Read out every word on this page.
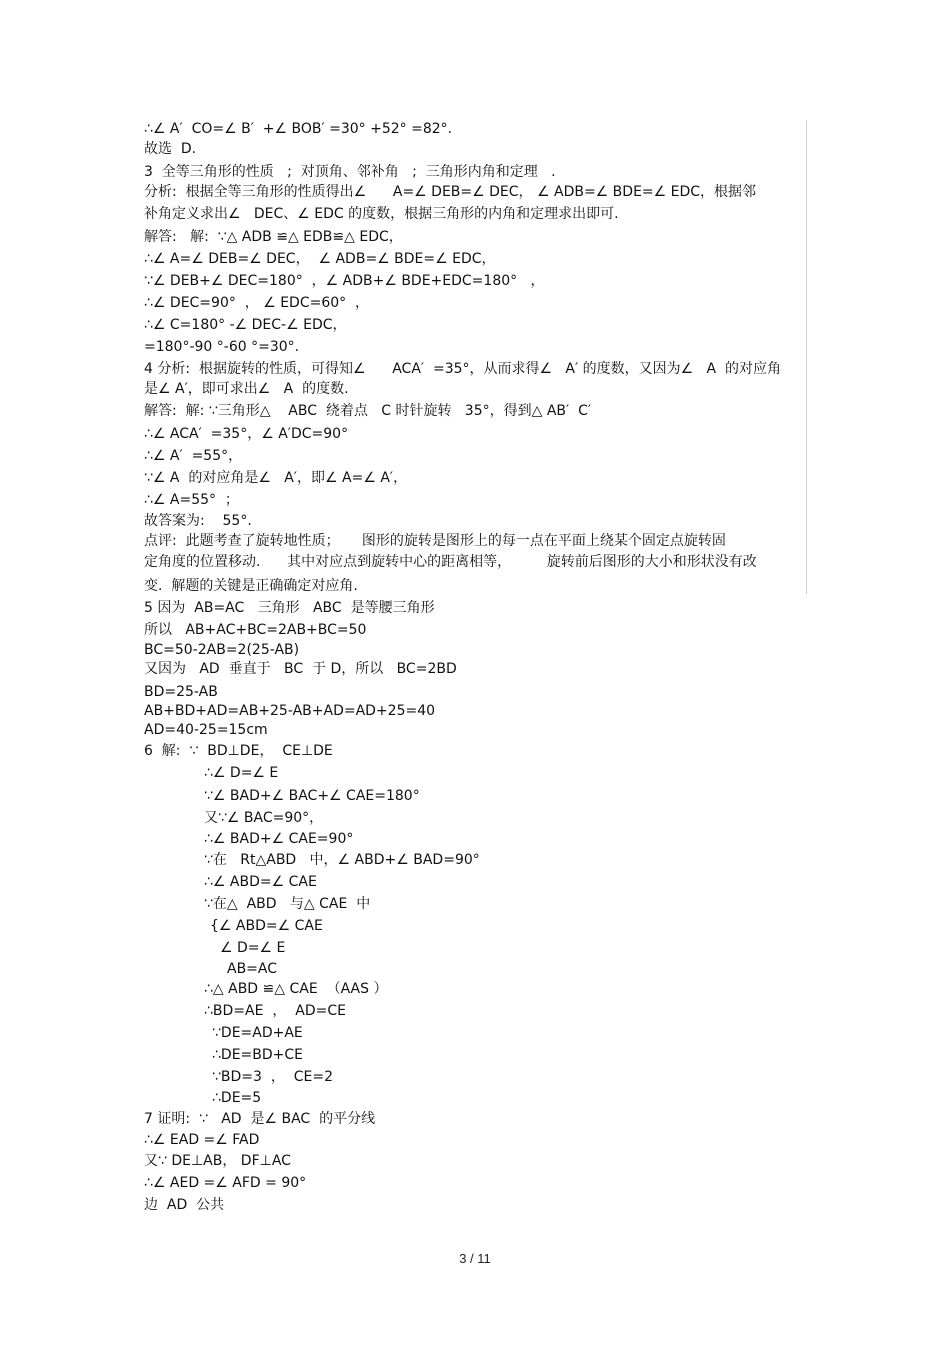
∴∠ A′  CO=∠ B′  +∠ BOB′ =30° +52° =82°.
故选  D.
3  全等三角形的性质   ;  对顶角、邻补角   ;  三角形内角和定理   .
分析:  根据全等三角形的性质得出∠      A=∠ DEB=∠ DEC， ∠ ADB=∠ BDE=∠ EDC，根据邻
补角定义求出∠   DEC、∠ EDC 的度数，根据三角形的内角和定理求出即可.
解答:   解:  ∵△ ADB ≌△ EDB≌△ EDC，
∴∠ A=∠ DEB=∠ DEC，  ∠ ADB=∠ BDE=∠ EDC，
∵∠ DEB+∠ DEC=180°  ，∠ ADB+∠ BDE+EDC=180°   ，
∴∠ DEC=90°  ， ∠ EDC=60°  ，
∴∠ C=180° -∠ DEC-∠ EDC，
=180°-90 °-60 °=30°.
4 分析:  根据旋转的性质，可得知∠      ACA′  =35°，从而求得∠   A′ 的度数，又因为∠   A  的对应角
是∠ A′，即可求出∠   A  的度数.
解答:  解: ∵三角形△    ABC  绕着点   C 时针旋转   35°，得到△ AB′  C′
∴∠ ACA′  =35°，∠ A′DC=90°
∴∠ A′  =55°，
∵∠ A  的对应角是∠   A′，即∠ A=∠ A′，
∴∠ A=55°  ；
故答案为:    55°.
点评:  此题考查了旋转地性质；     图形的旋转是图形上的每一点在平面上绕某个固定点旋转固
定角度的位置移动.      其中对应点到旋转中心的距离相等，        旋转前后图形的大小和形状没有改
变.  解题的关键是正确确定对应角.
5 因为  AB=AC   三角形   ABC  是等腰三角形
所以   AB+AC+BC=2AB+BC=50
BC=50-2AB=2(25-AB)
又因为   AD  垂直于   BC  于 D，所以   BC=2BD
BD=25-AB
AB+BD+AD=AB+25-AB+AD=AD+25=40
AD=40-25=15cm
6  解:  ∵  BD⊥DE，  CE⊥DE
∴∠ D=∠ E
∵∠ BAD+∠ BAC+∠ CAE=180°
又∵∠ BAC=90°，
∴∠ BAD+∠ CAE=90°
∵在   Rt△ABD   中，∠ ABD+∠ BAD=90°
∴∠ ABD=∠ CAE
∵在△  ABD   与△ CAE  中
{∠ ABD=∠ CAE
∠ D=∠ E
AB=AC
∴△ ABD ≌△ CAE  （AAS ）
∴BD=AE  ，  AD=CE
∵DE=AD+AE
∴DE=BD+CE
∵BD=3  ，  CE=2
∴DE=5
7 证明:  ∵   AD  是∠ BAC  的平分线
∴∠ EAD =∠ FAD
又∵ DE⊥AB， DF⊥AC
∴∠ AED =∠ AFD = 90°
边  AD  公共
3 / 11
